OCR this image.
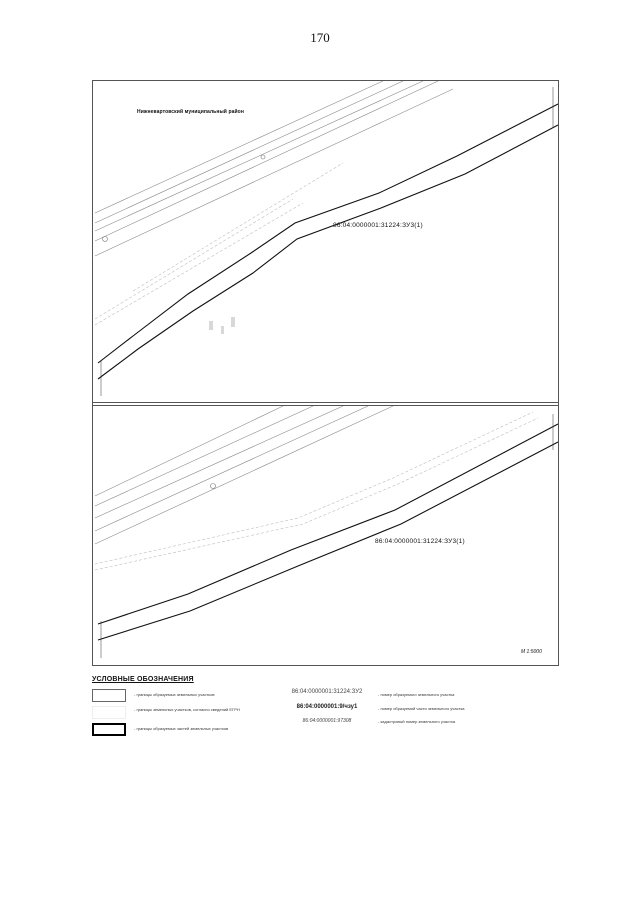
170
Нижневартовский муниципальный район
86:04:0000001:31224:ЗУ3(1)
86:04:0000001:31224:ЗУ3(1)
М 1:5000
УСЛОВНЫЕ ОБОЗНАЧЕНИЯ
- границы образуемых земельных участков
- границы земельных участков, согласно сведений ЕГРН
- границы образуемых частей земельных участков
86:04:0000001:31224:ЗУ2
86:04:0000001:9/чзу1
86:04:0000001:97308
- номер образуемого земельного участка
- номер образуемой части земельного участка
- кадастровый номер земельного участка
